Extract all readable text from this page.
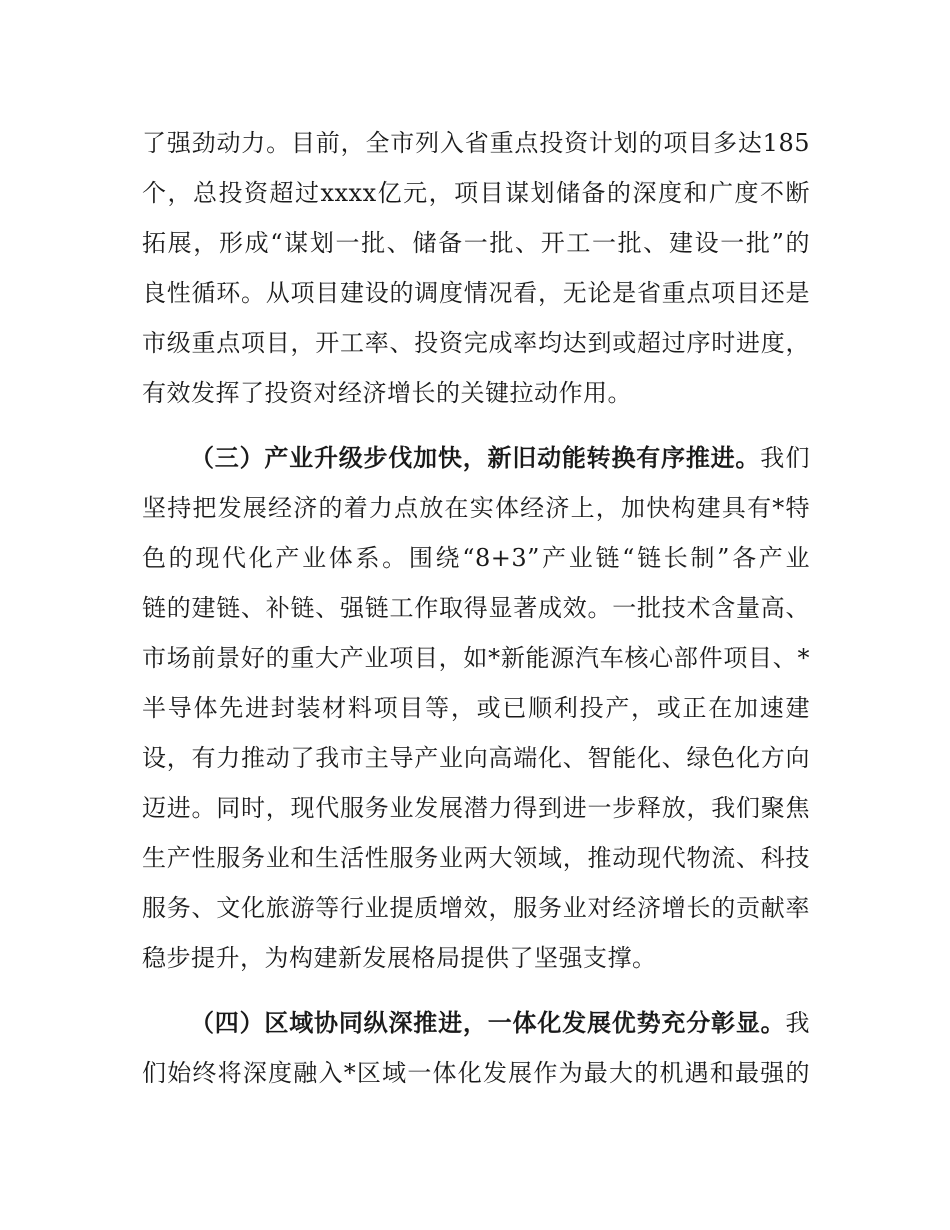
了强劲动力。目前，全市列入省重点投资计划的项目多达185
个，总投资超过xxxx亿元，项目谋划储备的深度和广度不断
拓展，形成“谋划一批、储备一批、开工一批、建设一批”的
良性循环。从项目建设的调度情况看，无论是省重点项目还是
市级重点项目，开工率、投资完成率均达到或超过序时进度，
有效发挥了投资对经济增长的关键拉动作用。
（三）产业升级步伐加快，新旧动能转换有序推进。我们
坚持把发展经济的着力点放在实体经济上，加快构建具有*特
色的现代化产业体系。围绕“8+3”产业链“链长制”各产业
链的建链、补链、强链工作取得显著成效。一批技术含量高、
市场前景好的重大产业项目，如*新能源汽车核心部件项目、*
半导体先进封装材料项目等，或已顺利投产，或正在加速建
设，有力推动了我市主导产业向高端化、智能化、绿色化方向
迈进。同时，现代服务业发展潜力得到进一步释放，我们聚焦
生产性服务业和生活性服务业两大领域，推动现代物流、科技
服务、文化旅游等行业提质增效，服务业对经济增长的贡献率
稳步提升，为构建新发展格局提供了坚强支撑。
（四）区域协同纵深推进，一体化发展优势充分彰显。我
们始终将深度融入*区域一体化发展作为最大的机遇和最强的
